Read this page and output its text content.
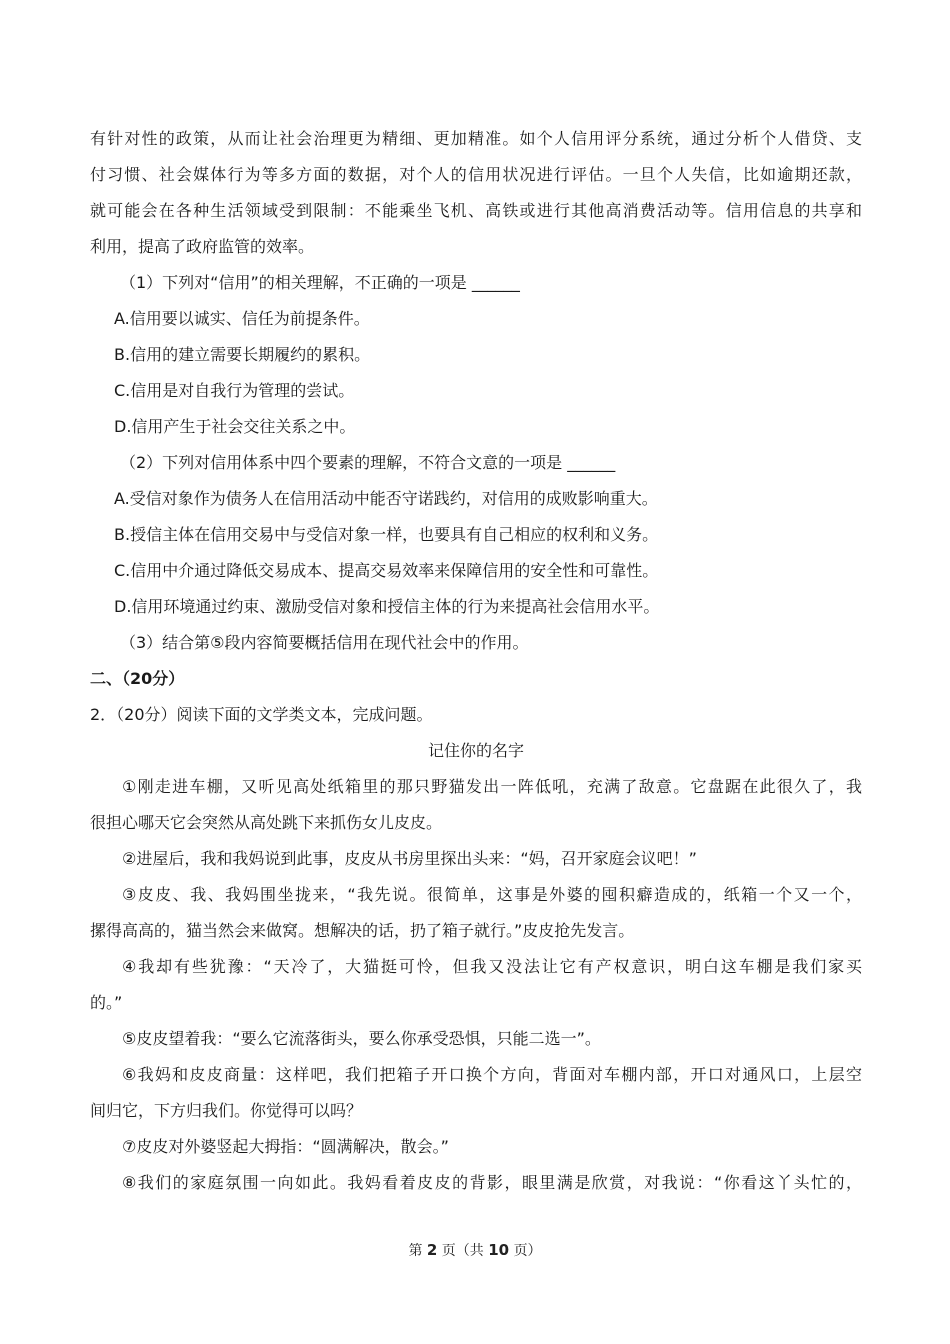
有针对性的政策，从而让社会治理更为精细、更加精准。如个人信用评分系统，通过分析个人借贷、支
付习惯、社会媒体行为等多方面的数据，对个人的信用状况进行评估。一旦个人失信，比如逾期还款，
就可能会在各种生活领域受到限制：不能乘坐飞机、高铁或进行其他高消费活动等。信用信息的共享和
利用，提高了政府监管的效率。
（1）下列对“信用”的相关理解，不正确的一项是 ______
A.信用要以诚实、信任为前提条件。
B.信用的建立需要长期履约的累积。
C.信用是对自我行为管理的尝试。
D.信用产生于社会交往关系之中。
（2）下列对信用体系中四个要素的理解，不符合文意的一项是 ______
A.受信对象作为债务人在信用活动中能否守诺践约，对信用的成败影响重大。
B.授信主体在信用交易中与受信对象一样，也要具有自己相应的权利和义务。
C.信用中介通过降低交易成本、提高交易效率来保障信用的安全性和可靠性。
D.信用环境通过约束、激励受信对象和授信主体的行为来提高社会信用水平。
（3）结合第⑤段内容简要概括信用在现代社会中的作用。
二、（20分）
2．（20分）阅读下面的文学类文本，完成问题。
记住你的名字
①刚走进车棚，又听见高处纸箱里的那只野猫发出一阵低吼，充满了敌意。它盘踞在此很久了，我
很担心哪天它会突然从高处跳下来抓伤女儿皮皮。
②进屋后，我和我妈说到此事，皮皮从书房里探出头来：“妈，召开家庭会议吧！”
③皮皮、我、我妈围坐拢来，“我先说。很简单，这事是外婆的囤积癖造成的，纸箱一个又一个，
摞得高高的，猫当然会来做窝。想解决的话，扔了箱子就行。”皮皮抢先发言。
④我却有些犹豫：“天冷了，大猫挺可怜，但我又没法让它有产权意识，明白这车棚是我们家买
的。”
⑤皮皮望着我：“要么它流落街头，要么你承受恐惧，只能二选一”。
⑥我妈和皮皮商量：这样吧，我们把箱子开口换个方向，背面对车棚内部，开口对通风口，上层空
间归它，下方归我们。你觉得可以吗？
⑦皮皮对外婆竖起大拇指：“圆满解决，散会。”
⑧我们的家庭氛围一向如此。我妈看着皮皮的背影，眼里满是欣赏，对我说：“你看这丫头忙的，
第 2 页（共 10 页）
